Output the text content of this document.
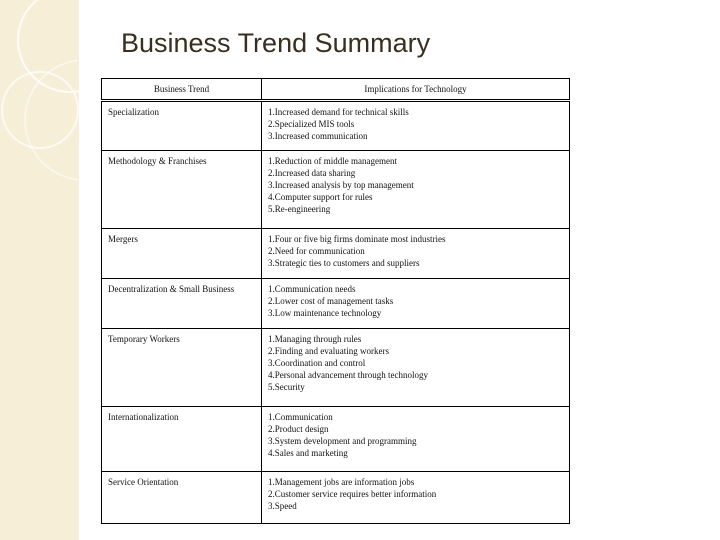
Business Trend Summary
Business Trend	Implications for Technology
Specialization	1.Increased demand for technical skills
2.Specialized MIS tools
3.Increased communication

Methodology & Franchises	1.Reduction of middle management
2.Increased data sharing
3.Increased analysis by top management
4.Computer support for rules
5.Re-engineering

Mergers	1.Four or five big firms dominate most industries
2.Need for communication
3.Strategic ties to customers and suppliers

Decentralization & Small Business	1.Communication needs
2.Lower cost of management tasks
3.Low maintenance technology

Temporary Workers	1.Managing through rules
2.Finding and evaluating workers
3.Coordination and control
4.Personal advancement through technology
5.Security

Internationalization	1.Communication
2.Product design
3.System development and programming
4.Sales and marketing

Service Orientation	1.Management jobs are information jobs
2.Customer service requires better information
3.Speed
